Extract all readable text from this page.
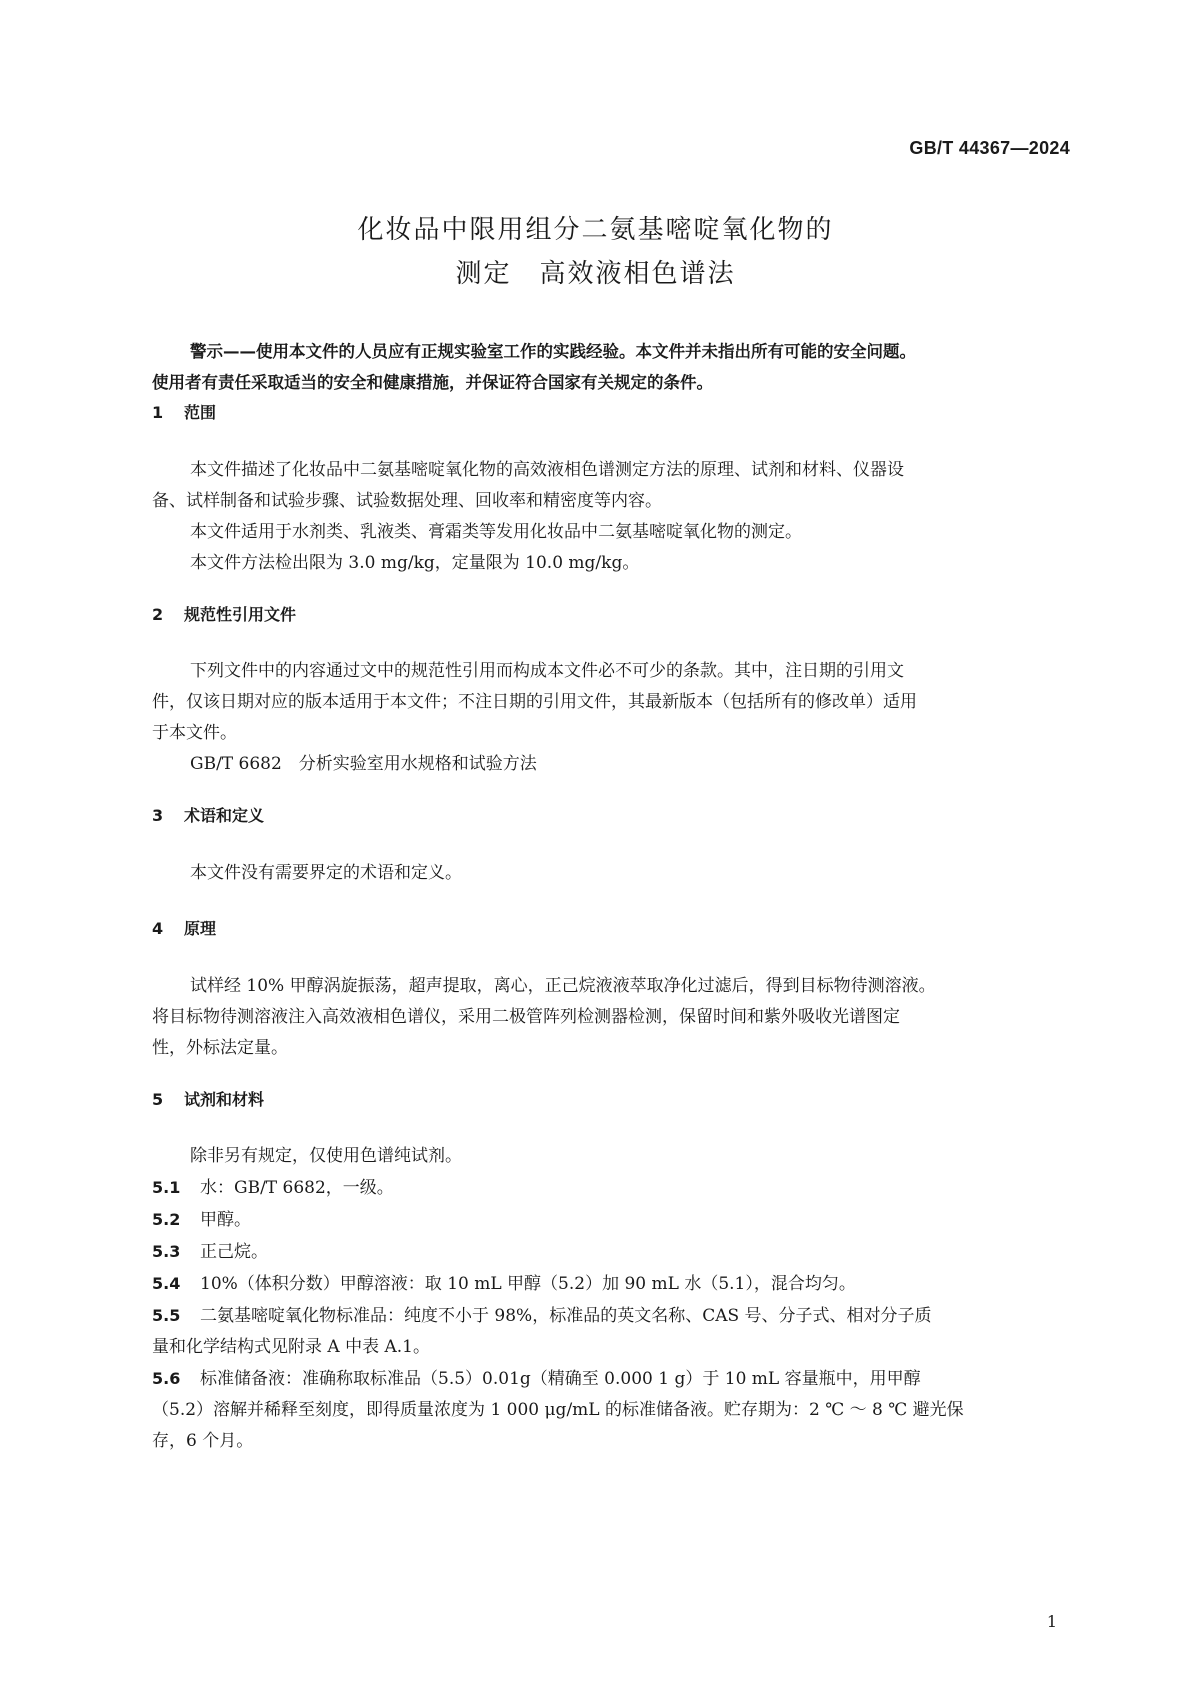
GB/T 44367—2024
化妆品中限用组分二氨基嘧啶氧化物的
测定　高效液相色谱法

警示——使用本文件的人员应有正规实验室工作的实践经验。本文件并未指出所有可能的安全问题。

使用者有责任采取适当的安全和健康措施，并保证符合国家有关规定的条件。

1 范围

本文件描述了化妆品中二氨基嘧啶氧化物的高效液相色谱测定方法的原理、试剂和材料、仪器设

备、试样制备和试验步骤、试验数据处理、回收率和精密度等内容。

本文件适用于水剂类、乳液类、膏霜类等发用化妆品中二氨基嘧啶氧化物的测定。

本文件方法检出限为 3.0 mg/kg，定量限为 10.0 mg/kg。

2 规范性引用文件

下列文件中的内容通过文中的规范性引用而构成本文件必不可少的条款。其中，注日期的引用文

件，仅该日期对应的版本适用于本文件；不注日期的引用文件，其最新版本（包括所有的修改单）适用

于本文件。

GB/T 6682　分析实验室用水规格和试验方法

3 术语和定义

本文件没有需要界定的术语和定义。

4 原理

试样经 10% 甲醇涡旋振荡，超声提取，离心，正己烷液液萃取净化过滤后，得到目标物待测溶液。

将目标物待测溶液注入高效液相色谱仪，采用二极管阵列检测器检测，保留时间和紫外吸收光谱图定

性，外标法定量。

5 试剂和材料

除非另有规定，仅使用色谱纯试剂。

5.1 水：GB/T 6682，一级。

5.2 甲醇。

5.3 正己烷。

5.4 10%（体积分数）甲醇溶液：取 10 mL 甲醇（5.2）加 90 mL 水（5.1），混合均匀。

5.5 二氨基嘧啶氧化物标准品：纯度不小于 98%，标准品的英文名称、CAS 号、分子式、相对分子质

量和化学结构式见附录 A 中表 A.1。

5.6 标准储备液：准确称取标准品（5.5）0.01g（精确至 0.000 1 g）于 10 mL 容量瓶中，用甲醇

（5.2）溶解并稀释至刻度，即得质量浓度为 1 000 μg/mL 的标准储备液。贮存期为：2 ℃ ～ 8 ℃ 避光保

存，6 个月。

1
